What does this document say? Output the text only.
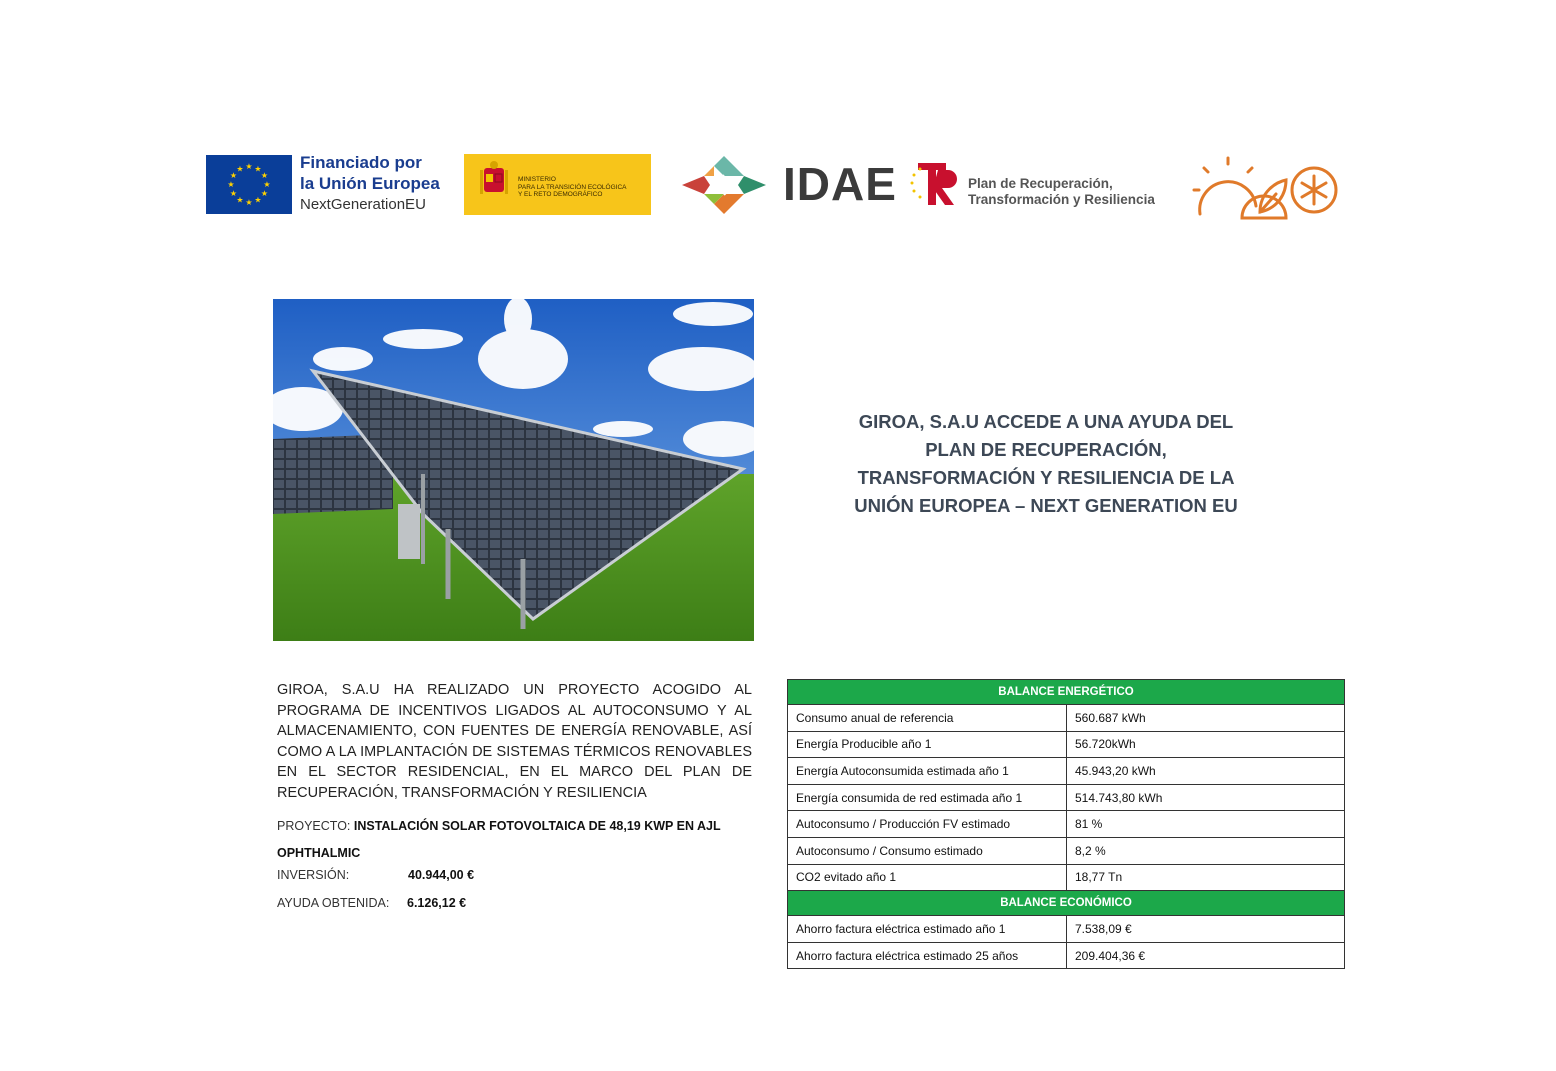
★ ★
★
★
★
★
★
★
★
★
★
★	Financiado por
la Unión Europea
NextGenerationEU
MINISTERIO
PARA LA TRANSICIÓN ECOLÓGICA
Y EL RETO DEMOGRÁFICO	IDAE	Plan de Recuperación,
Transformación y Resiliencia
GIROA, S.A.U ACCEDE A UNA AYUDA DEL PLAN DE RECUPERACIÓN, TRANSFORMACIÓN Y RESILIENCIA DE LA UNIÓN EUROPEA – NEXT GENERATION EU
GIROA, S.A.U HA REALIZADO UN PROYECTO ACOGIDO AL PROGRAMA DE INCENTIVOS LIGADOS AL AUTOCONSUMO Y AL ALMACENAMIENTO, CON FUENTES DE ENERGÍA RENOVABLE, ASÍ COMO A LA IMPLANTACIÓN DE SISTEMAS TÉRMICOS RENOVABLES EN EL SECTOR RESIDENCIAL, EN EL MARCO DEL PLAN DE RECUPERACIÓN, TRANSFORMACIÓN Y RESILIENCIA
PROYECTO: INSTALACIÓN SOLAR FOTOVOLTAICA DE 48,19 KWP EN AJL OPHTHALMIC
INVERSIÓN:	40.944,00 €
AYUDA OBTENIDA: 6.126,12 €
BALANCE ENERGÉTICO	
Consumo anual de referencia	560.687 kWh
Energía Producible año 1	56.720kWh
Energía Autoconsumida estimada año 1	45.943,20 kWh
Energía consumida de red estimada año 1	514.743,80 kWh
Autoconsumo / Producción FV estimado	81 %
Autoconsumo / Consumo estimado	8,2 %
CO2 evitado año 1	18,77 Tn
BALANCE ECONÓMICO	
Ahorro factura eléctrica estimado año 1	7.538,09 €
Ahorro factura eléctrica estimado 25 años	209.404,36 €
